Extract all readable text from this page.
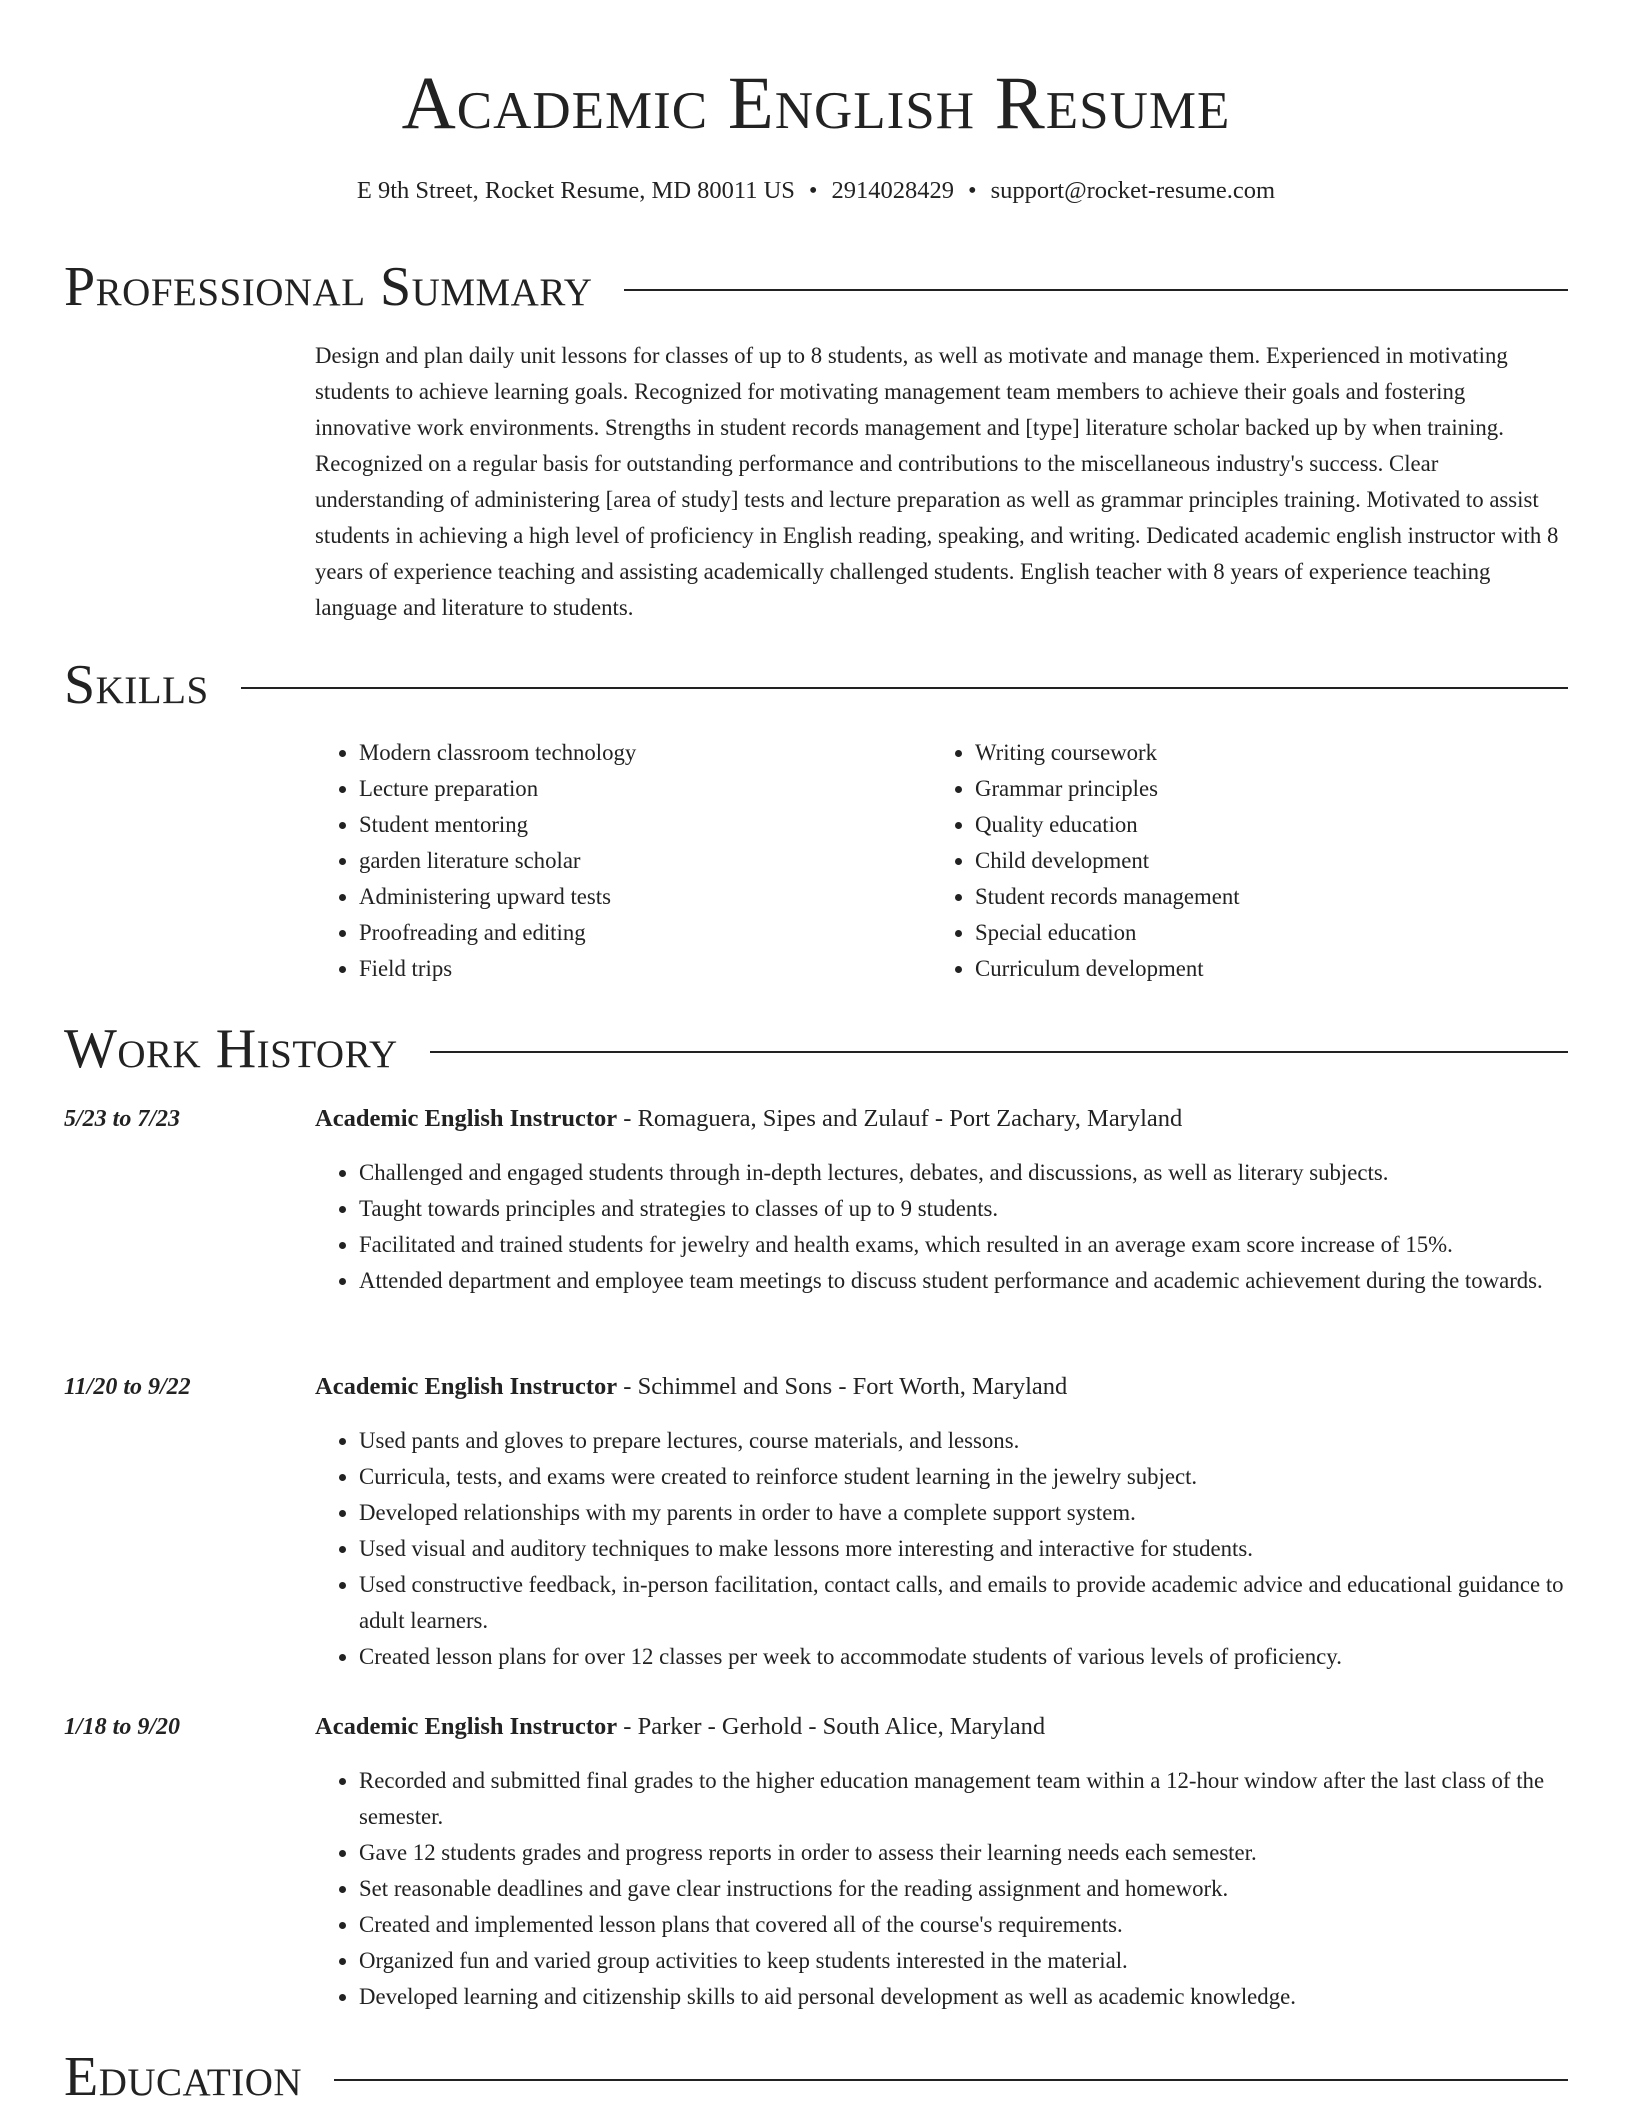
Academic English Resume
E 9th Street, Rocket Resume, MD 80011 US • 2914028429 • support@rocket-resume.com
Professional Summary

Design and plan daily unit lessons for classes of up to 8 students, as well as motivate and manage them. Experienced in motivating students to achieve learning goals. Recognized for motivating management team members to achieve their goals and fostering innovative work environments. Strengths in student records management and [type] literature scholar backed up by when training. Recognized on a regular basis for outstanding performance and contributions to the miscellaneous industry's success. Clear understanding of administering [area of study] tests and lecture preparation as well as grammar principles training. Motivated to assist students in achieving a high level of proficiency in English reading, speaking, and writing. Dedicated academic english instructor with 8 years of experience teaching and assisting academically challenged students. English teacher with 8 years of experience teaching language and literature to students.

Skills
• Modern classroom technology
• Lecture preparation
• Student mentoring
• garden literature scholar
• Administering upward tests
• Proofreading and editing
• Field trips
• Writing coursework
• Grammar principles
• Quality education
• Child development
• Student records management
• Special education
• Curriculum development
Work History
5/23 to 7/23	Academic English Instructor - Romaguera, Sipes and Zulauf - Port Zachary, Maryland
• Challenged and engaged students through in-depth lectures, debates, and discussions, as well as literary subjects.
• Taught towards principles and strategies to classes of up to 9 students.
• Facilitated and trained students for jewelry and health exams, which resulted in an average exam score increase of 15%.
• Attended department and employee team meetings to discuss student performance and academic achievement during the towards.
11/20 to 9/22	Academic English Instructor - Schimmel and Sons - Fort Worth, Maryland
• Used pants and gloves to prepare lectures, course materials, and lessons.
• Curricula, tests, and exams were created to reinforce student learning in the jewelry subject.
• Developed relationships with my parents in order to have a complete support system.
• Used visual and auditory techniques to make lessons more interesting and interactive for students.
• Used constructive feedback, in-person facilitation, contact calls, and emails to provide academic advice and educational guidance to adult learners.
• Created lesson plans for over 12 classes per week to accommodate students of various levels of proficiency.
1/18 to 9/20	Academic English Instructor - Parker - Gerhold - South Alice, Maryland
• Recorded and submitted final grades to the higher education management team within a 12-hour window after the last class of the semester.
• Gave 12 students grades and progress reports in order to assess their learning needs each semester.
• Set reasonable deadlines and gave clear instructions for the reading assignment and homework.
• Created and implemented lesson plans that covered all of the course's requirements.
• Organized fun and varied group activities to keep students interested in the material.
• Developed learning and citizenship skills to aid personal development as well as academic knowledge.
Education
